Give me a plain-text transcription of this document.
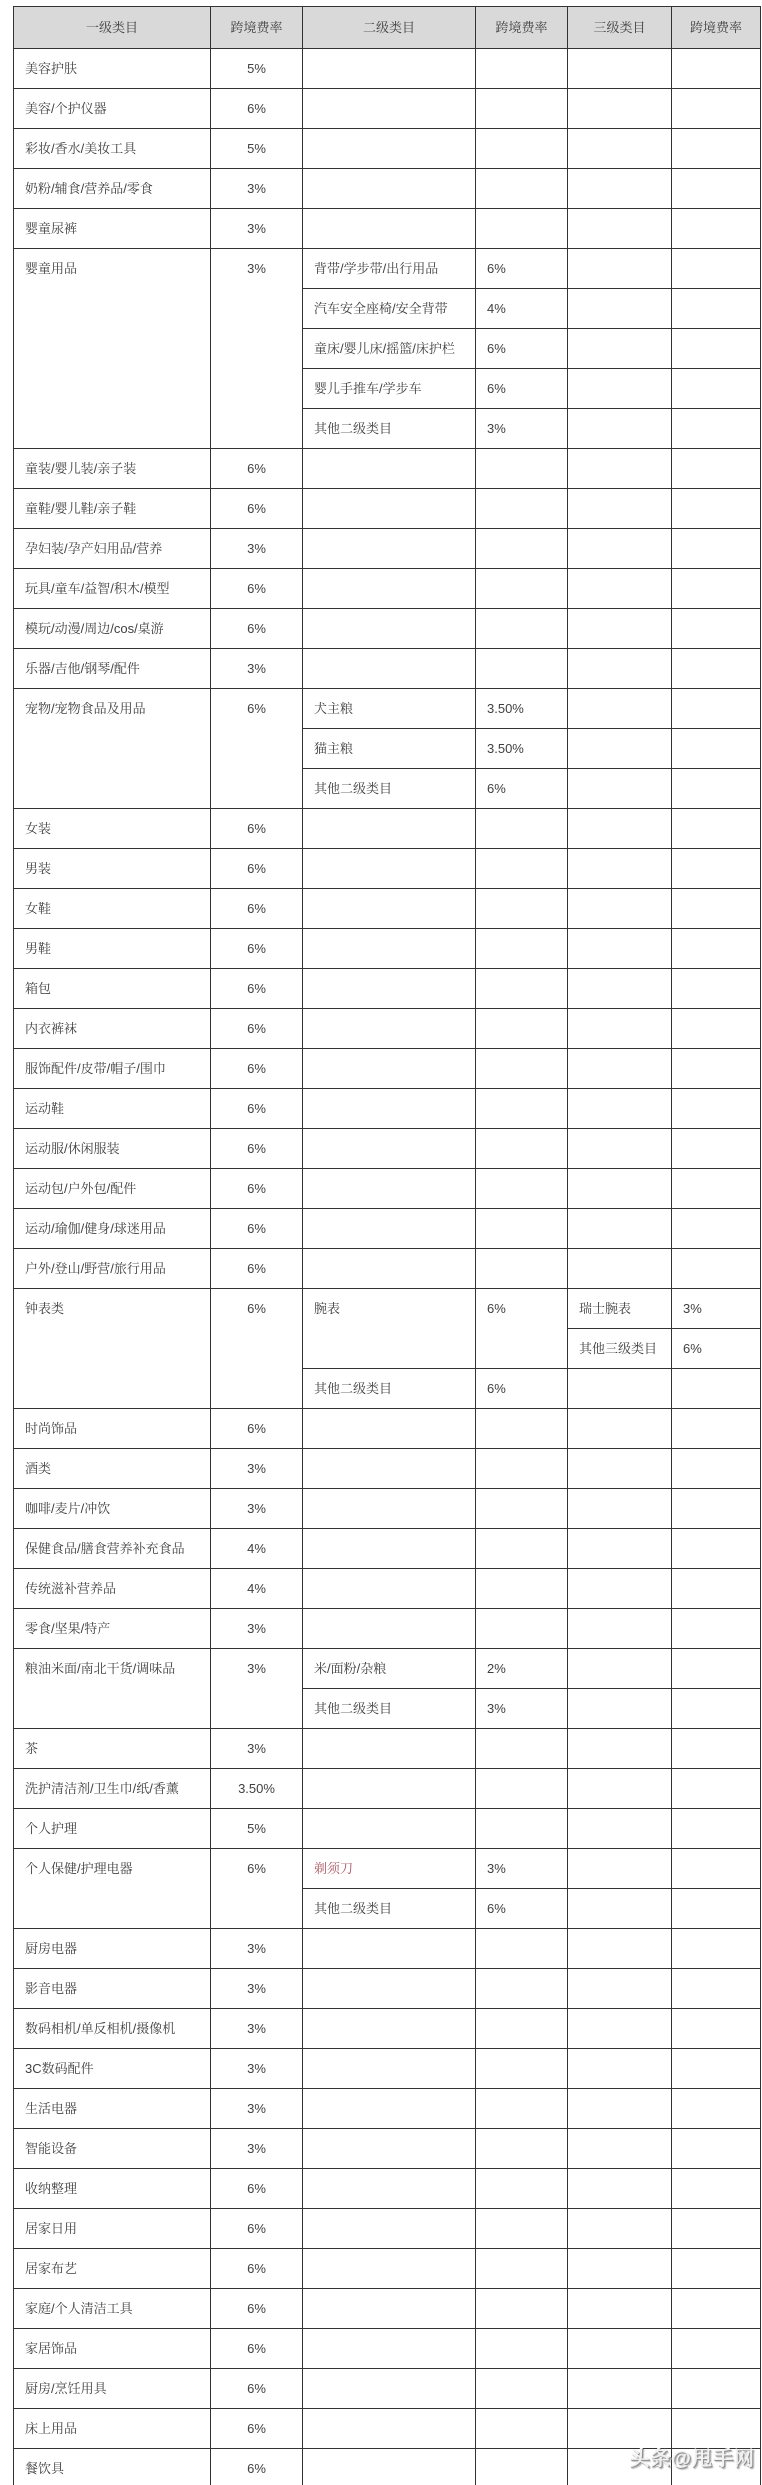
一级类目	跨境费率	二级类目	跨境费率	三级类目	跨境费率
美容护肤	5%				
美容/个护仪器	6%				
彩妆/香水/美妆工具	5%				
奶粉/辅食/营养品/零食	3%				
婴童尿裤	3%				
婴童用品	3%	背带/学步带/出行用品	6%		
		汽车安全座椅/安全背带	4%		
		童床/婴儿床/摇篮/床护栏	6%		
		婴儿手推车/学步车	6%		
		其他二级类目	3%		
童装/婴儿装/亲子装	6%				
童鞋/婴儿鞋/亲子鞋	6%				
孕妇装/孕产妇用品/营养	3%				
玩具/童车/益智/积木/模型	6%				
模玩/动漫/周边/cos/桌游	6%				
乐器/吉他/钢琴/配件	3%				
宠物/宠物食品及用品	6%	犬主粮	3.50%		
		猫主粮	3.50%		
		其他二级类目	6%		
女装	6%				
男装	6%				
女鞋	6%				
男鞋	6%				
箱包	6%				
内衣裤袜	6%				
服饰配件/皮带/帽子/围巾	6%				
运动鞋	6%				
运动服/休闲服装	6%				
运动包/户外包/配件	6%				
运动/瑜伽/健身/球迷用品	6%				
户外/登山/野营/旅行用品	6%				
钟表类	6%	腕表	6%	瑞士腕表	3%
				其他三级类目	6%
		其他二级类目	6%		
时尚饰品	6%				
酒类	3%				
咖啡/麦片/冲饮	3%				
保健食品/膳食营养补充食品	4%				
传统滋补营养品	4%				
零食/坚果/特产	3%				
粮油米面/南北干货/调味品	3%	米/面粉/杂粮	2%		
		其他二级类目	3%		
茶	3%				
洗护清洁剂/卫生巾/纸/香薰	3.50%				
个人护理	5%				
个人保健/护理电器	6%	剃须刀	3%		
		其他二级类目	6%		
厨房电器	3%				
影音电器	3%				
数码相机/单反相机/摄像机	3%				
3C数码配件	3%				
生活电器	3%				
智能设备	3%				
收纳整理	6%				
居家日用	6%				
居家布艺	6%				
家庭/个人清洁工具	6%				
家居饰品	6%				
厨房/烹饪用具	6%				
床上用品	6%				
餐饮具	6%					头条@甩手网
